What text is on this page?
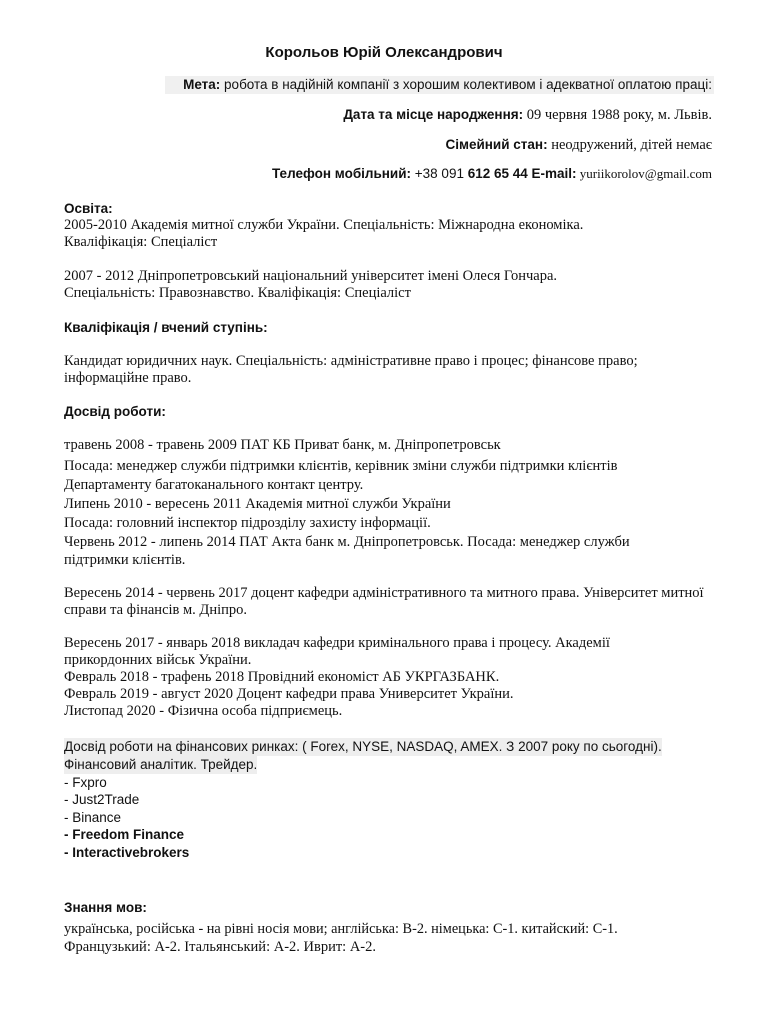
Корольов Юрій Олександрович
Мета: робота в надійній компанії з хорошим колективом і адекватної оплатою праці:
Дата та місце народження: 09 червня 1988 року, м. Львів.
Сімейний стан: неодружений, дітей немає
Телефон мобільний: +38 091 612 65 44 E-mail: yuriikorolov@gmail.com
Освіта:
2005-2010 Академія митної служби України. Спеціальність: Міжнародна економіка.
Кваліфікація: Спеціаліст
2007 - 2012 Дніпропетровський національний університет імені Олеся Гончара.
Спеціальність: Правознавство. Кваліфікація: Спеціаліст
Кваліфікація / вчений ступінь:
Кандидат юридичних наук. Спеціальність: адміністративне право і процес; фінансове право; інформаційне право.
Досвід роботи:
травень 2008 - травень 2009 ПАТ КБ Приват банк, м. Дніпропетровськ
Посада: менеджер служби підтримки клієнтів, керівник зміни служби підтримки клієнтів
Департаменту багатоканального контакт центру.
Липень 2010 - вересень 2011 Академія митної служби України
Посада: головний інспектор підрозділу захисту інформації.
Червень 2012 - липень 2014 ПАТ Акта банк м. Дніпропетровськ. Посада: менеджер служби
підтримки клієнтів.
Вересень 2014 - червень 2017 доцент кафедри адміністративного та митного права. Університет митної справи та фінансів м. Дніпро.
Вересень 2017 - январь 2018 викладач кафедри кримінального права і процесу. Академії
прикордонних військ України.
Февраль 2018 - трафень 2018 Провідний економіст АБ УКРГАЗБАНК.
Февраль 2019 - август 2020 Доцент кафедри права Университет України.
Листопад 2020 - Фізична особа підприємець.
Досвід роботи на фінансових ринках: ( Forex, NYSE, NASDAQ, AMEX. З 2007 року по сьогодні).
Фінансовий аналітик. Трейдер.
- Fxpro
- Just2Trade
- Binance
- Freedom Finance
- Interactivebrokers
Знання мов:
українська, російська - на рівні носія мови; англійська: B-2. німецька: C-1. китайский: C-1.
Французький: A-2. Італьянський: A-2. Иврит: A-2.
